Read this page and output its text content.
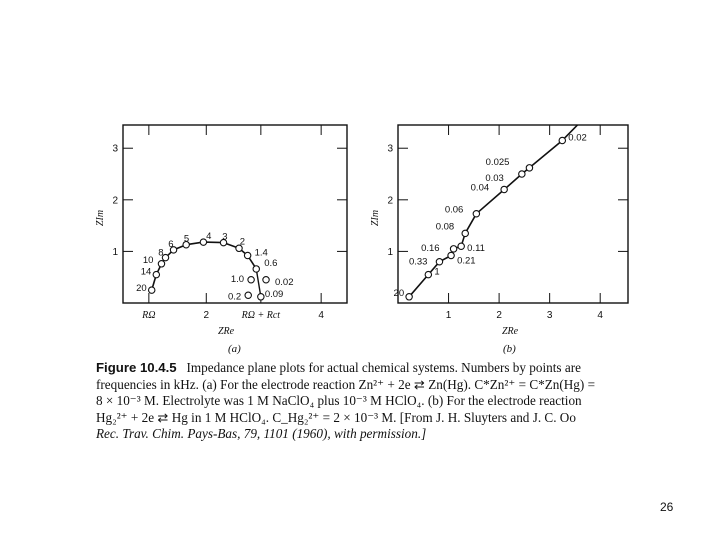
1
2
3
RΩ	2	RΩ + Rct	4
ZRe
ZIm
20
14
10
8
6 5 4 3 2
1.4
0.6
1.0
0.2
0.02
0.09
1
2
3
1	2	3	4
ZRe
ZIm
20
1
0.33	0.21
0.16	0.11
0.08
0.06
0.04
0.03
0.025
0.02
(a)	(b)

Figure 10.4.5 Impedance plane plots for actual chemical systems. Numbers by points are

frequencies in kHz. (a) For the electrode reaction Zn²⁺ + 2e ⇄ Zn(Hg). C*Zn²⁺ = C*Zn(Hg) =

8 × 10⁻³ M. Electrolyte was 1 M NaClO₄ plus 10⁻³ M HClO₄. (b) For the electrode reaction

Hg₂²⁺ + 2e ⇄ Hg in 1 M HClO₄. C_Hg₂²⁺ = 2 × 10⁻³ M. [From J. H. Sluyters and J. C. Oo

Rec. Trav. Chim. Pays-Bas, 79, 1101 (1960), with permission.]

26
